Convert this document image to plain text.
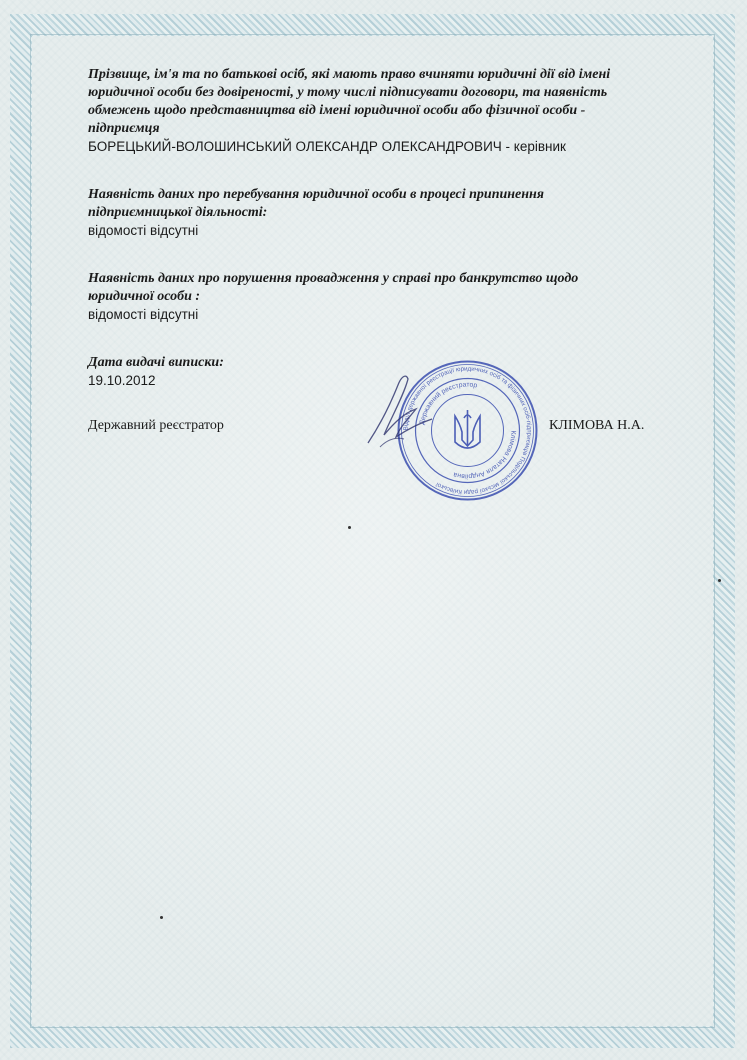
Прізвище, ім'я та по батькові осіб, які мають право вчиняти юридичні дії від імені
юридичної особи без довіреності, у тому числі підписувати договори, та наявність
обмежень щодо представництва від імені юридичної особи або фізичної особи -
підприємця
БОРЕЦЬКИЙ-ВОЛОШИНСЬКИЙ ОЛЕКСАНДР ОЛЕКСАНДРОВИЧ - керівник
Наявність даних про перебування юридичної особи в процесі припинення
підприємницької діяльності:
відомості відсутні
Наявність даних про порушення провадження у справі про банкрутство щодо
юридичної особи :
відомості відсутні
Дата видачі виписки:
19.10.2012
Державний реєстратор	КЛІМОВА Н.А.
Відділ державної реєстрації юридичних осіб та фізичних осіб-підприємців Подільської міської ради Київської
Державний реєстратор
Клімова Наталя Андріївна
